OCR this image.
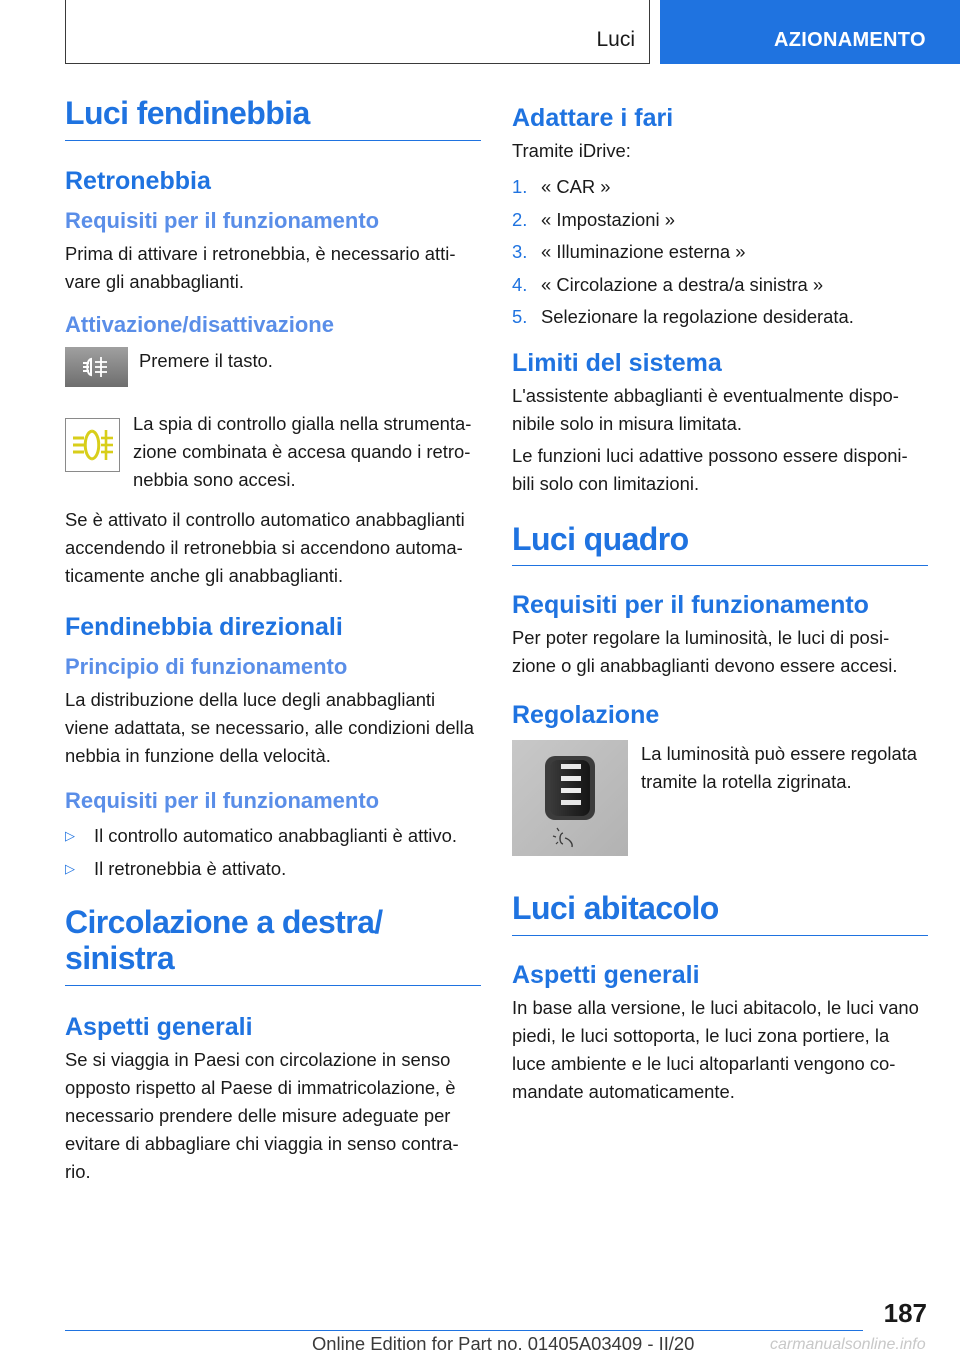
Luci	AZIONAMENTO
Luci fendinebbia
Retronebbia
Requisiti per il funzionamento

Prima di attivare i retronebbia, è necessario atti-
vare gli anabbaglianti.

Attivazione/disattivazione
Premere il tasto.

La spia di controllo gialla nella strumenta-
zione combinata è accesa quando i retro-
nebbia sono accesi.

Se è attivato il controllo automatico anabbaglianti
accendendo il retronebbia si accendono automa-
ticamente anche gli anabbaglianti.

Fendinebbia direzionali
Principio di funzionamento

La distribuzione della luce degli anabbaglianti
viene adattata, se necessario, alle condizioni della
nebbia in funzione della velocità.

Requisiti per il funzionamento
▷	Il controllo automatico anabbaglianti è attivo.
▷	Il retronebbia è attivato.
Circolazione a destra/
sinistra
Aspetti generali

Se si viaggia in Paesi con circolazione in senso
opposto rispetto al Paese di immatricolazione, è
necessario prendere delle misure adeguate per
evitare di abbagliare chi viaggia in senso contra-
rio.

Adattare i fari

Tramite iDrive:

1. « CAR »
2. « Impostazioni »
3. « Illuminazione esterna »
4. « Circolazione a destra/a sinistra »
5. Selezionare la regolazione desiderata.
Limiti del sistema

L'assistente abbaglianti è eventualmente dispo-
nibile solo in misura limitata.

Le funzioni luci adattive possono essere disponi-
bili solo con limitazioni.

Luci quadro
Requisiti per il funzionamento

Per poter regolare la luminosità, le luci di posi-
zione o gli anabbaglianti devono essere accesi.

Regolazione

La luminosità può essere regolata
tramite la rotella zigrinata.

Luci abitacolo
Aspetti generali

In base alla versione, le luci abitacolo, le luci vano
piedi, le luci sottoporta, le luci zona portiere, la
luce ambiente e le luci altoparlanti vengono co-
mandate automaticamente.

187
Online Edition for Part no. 01405A03409 - II/20	carmanualsonline.info
